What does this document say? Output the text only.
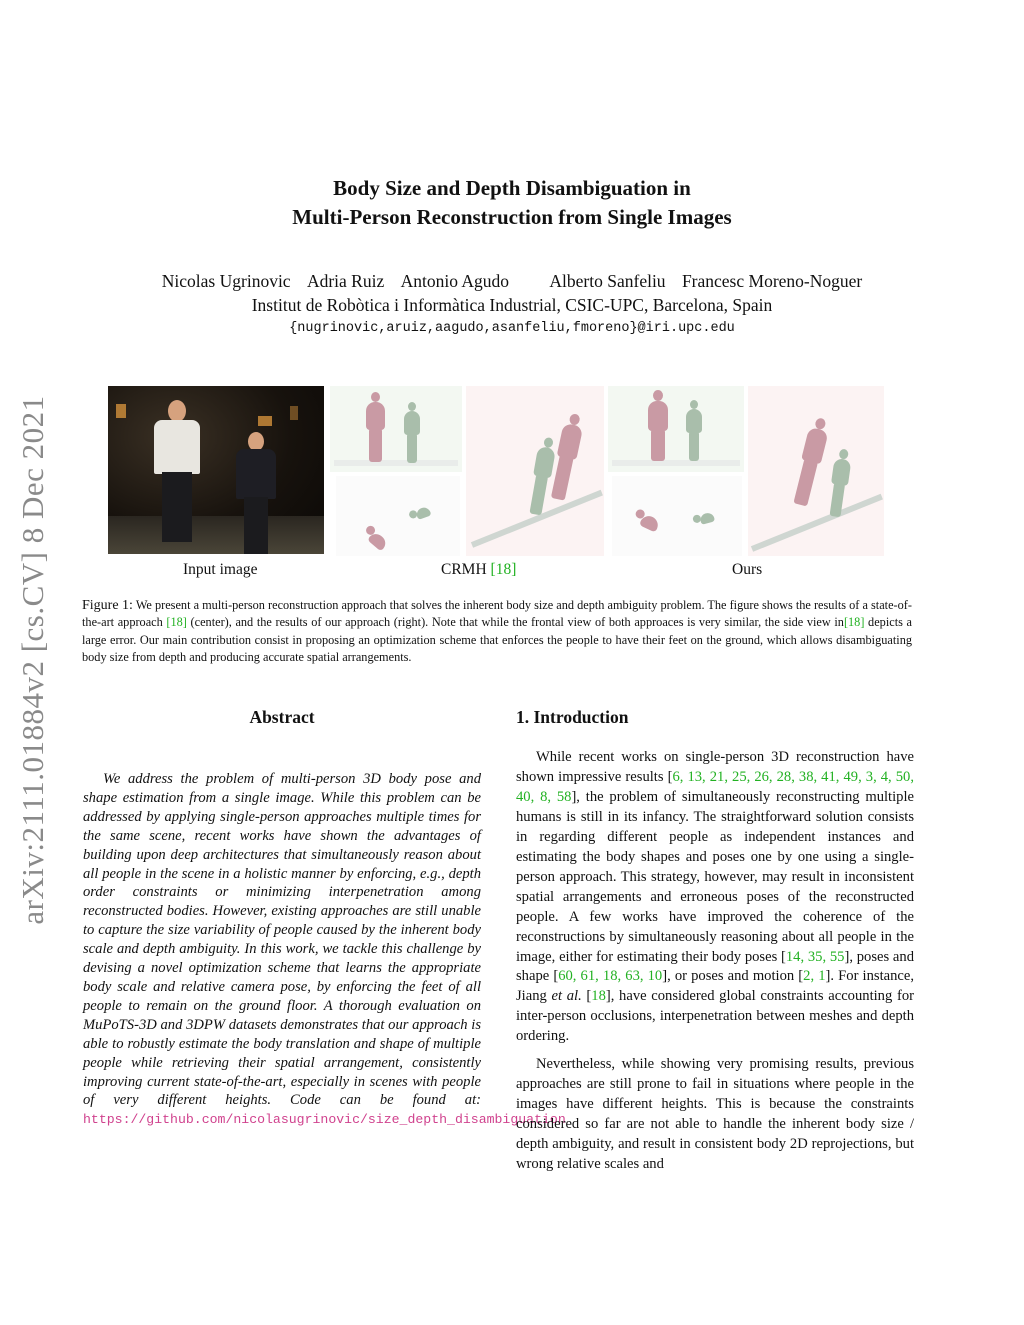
arXiv:2111.01884v2 [cs.CV] 8 Dec 2021
Body Size and Depth Disambiguation in
Multi-Person Reconstruction from Single Images
Nicolas Ugrinovic Adria Ruiz Antonio Agudo Alberto Sanfeliu Francesc Moreno-Noguer
Institut de Robòtica i Informàtica Industrial, CSIC-UPC, Barcelona, Spain
{nugrinovic,aruiz,aagudo,asanfeliu,fmoreno}@iri.upc.edu
Input image	CRMH [18]	Ours
Figure 1: We present a multi-person reconstruction approach that solves the inherent body size and depth ambiguity problem. The figure shows the results of a state-of-the-art approach [18] (center), and the results of our approach (right). Note that while the frontal view of both approaces is very similar, the side view in[18] depicts a large error. Our main contribution consist in proposing an optimization scheme that enforces the people to have their feet on the ground, which allows disambiguating body size from depth and producing accurate spatial arrangements.
Abstract
We address the problem of multi-person 3D body pose and shape estimation from a single image. While this problem can be addressed by applying single-person approaches multiple times for the same scene, recent works have shown the advantages of building upon deep architectures that simultaneously reason about all people in the scene in a holistic manner by enforcing, e.g., depth order constraints or minimizing interpenetration among reconstructed bodies. However, existing approaches are still unable to capture the size variability of people caused by the inherent body scale and depth ambiguity. In this work, we tackle this challenge by devising a novel optimization scheme that learns the appropriate body scale and relative camera pose, by enforcing the feet of all people to remain on the ground floor. A thorough evaluation on MuPoTS-3D and 3DPW datasets demonstrates that our approach is able to robustly estimate the body translation and shape of multiple people while retrieving their spatial arrangement, consistently improving current state-of-the-art, especially in scenes with people of very different heights. Code can be found at: https://github.com/nicolasugrinovic/size_depth_disambiguation
1. Introduction

While recent works on single-person 3D reconstruction have shown impressive results [6, 13, 21, 25, 26, 28, 38, 41, 49, 3, 4, 50, 40, 8, 58], the problem of simultaneously reconstructing multiple humans is still in its infancy. The straightforward solution consists in regarding different people as independent instances and estimating the body shapes and poses one by one using a single-person approach. This strategy, however, may result in inconsistent spatial arrangements and erroneous poses of the reconstructed people. A few works have improved the coherence of the reconstructions by simultaneously reasoning about all people in the image, either for estimating their body poses [14, 35, 55], poses and shape [60, 61, 18, 63, 10], or poses and motion [2, 1]. For instance, Jiang et al. [18], have considered global constraints accounting for inter-person occlusions, interpenetration between meshes and depth ordering.

Nevertheless, while showing very promising results, previous approaches are still prone to fail in situations where people in the images have different heights. This is because the constraints considered so far are not able to handle the inherent body size / depth ambiguity, and result in consistent body 2D reprojections, but wrong relative scales and
